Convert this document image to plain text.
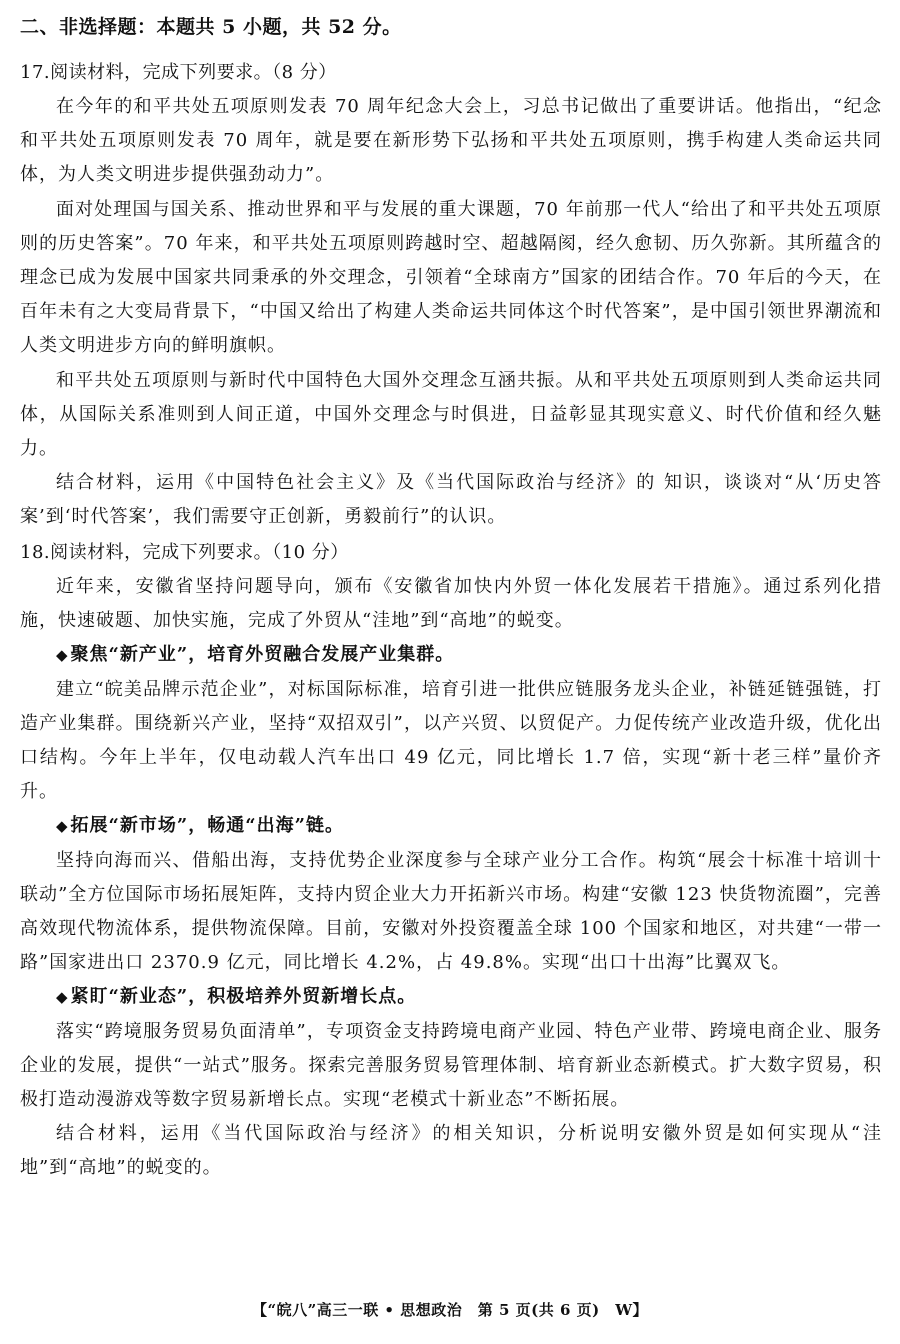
二、非选择题：本题共 5 小题，共 52 分。
17.阅读材料，完成下列要求。（8 分）

在今年的和平共处五项原则发表 70 周年纪念大会上，习总书记做出了重要讲话。他指出，“纪念和平共处五项原则发表 70 周年，就是要在新形势下弘扬和平共处五项原则，携手构建人类命运共同体，为人类文明进步提供强劲动力”。

面对处理国与国关系、推动世界和平与发展的重大课题，70 年前那一代人“给出了和平共处五项原则的历史答案”。70 年来，和平共处五项原则跨越时空、超越隔阂，经久愈韧、历久弥新。其所蕴含的理念已成为发展中国家共同秉承的外交理念，引领着“全球南方”国家的团结合作。70 年后的今天，在百年未有之大变局背景下，“中国又给出了构建人类命运共同体这个时代答案”，是中国引领世界潮流和人类文明进步方向的鲜明旗帜。

和平共处五项原则与新时代中国特色大国外交理念互涵共振。从和平共处五项原则到人类命运共同体，从国际关系准则到人间正道，中国外交理念与时俱进，日益彰显其现实意义、时代价值和经久魅力。

结合材料，运用《中国特色社会主义》及《当代国际政治与经济》的 知识，谈谈对“从‘历史答案’到‘时代答案’，我们需要守正创新，勇毅前行”的认识。

18.阅读材料，完成下列要求。（10 分）

近年来，安徽省坚持问题导向，颁布《安徽省加快内外贸一体化发展若干措施》。通过系列化措施，快速破题、加快实施，完成了外贸从“洼地”到“高地”的蜕变。

◆ 聚焦“新产业”，培育外贸融合发展产业集群。

建立“皖美品牌示范企业”，对标国际标准，培育引进一批供应链服务龙头企业，补链延链强链，打造产业集群。围绕新兴产业，坚持“双招双引”，以产兴贸、以贸促产。力促传统产业改造升级，优化出口结构。今年上半年，仅电动载人汽车出口 49 亿元，同比增长 1.7 倍，实现“新十老三样”量价齐升。

◆ 拓展“新市场”，畅通“出海”链。

坚持向海而兴、借船出海，支持优势企业深度参与全球产业分工合作。构筑“展会十标准十培训十联动”全方位国际市场拓展矩阵，支持内贸企业大力开拓新兴市场。构建“安徽 123 快货物流圈”，完善高效现代物流体系，提供物流保障。目前，安徽对外投资覆盖全球 100 个国家和地区，对共建“一带一路”国家进出口 2370.9 亿元，同比增长 4.2%，占 49.8%。实现“出口十出海”比翼双飞。

◆ 紧盯“新业态”，积极培养外贸新增长点。

落实“跨境服务贸易负面清单”，专项资金支持跨境电商产业园、特色产业带、跨境电商企业、服务企业的发展，提供“一站式”服务。探索完善服务贸易管理体制、培育新业态新模式。扩大数字贸易，积极打造动漫游戏等数字贸易新增长点。实现“老模式十新业态”不断拓展。

结合材料，运用《当代国际政治与经济》的相关知识，分析说明安徽外贸是如何实现从“洼地”到“高地”的蜕变的。

【“皖八”高三一联 • 思想政治　第 5 页(共 6 页)　W】
